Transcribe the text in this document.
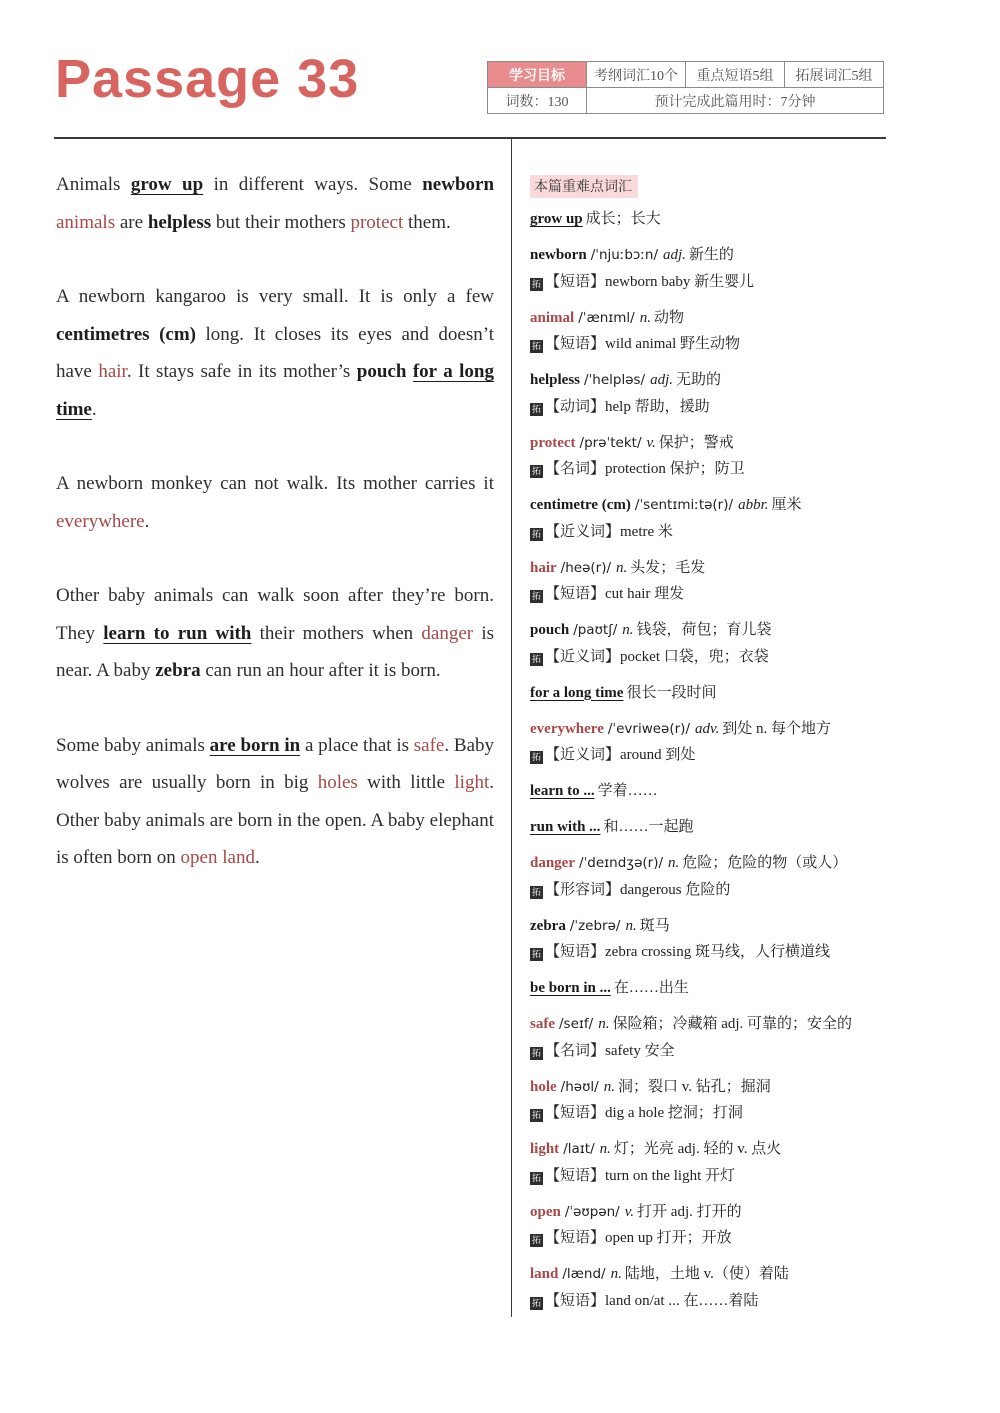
Passage 33	学习目标	考纲词汇10个	重点短语5组	拓展词汇5组
词数：130	预计完成此篇用时：7分钟		

Animals grow up in different ways. Some newborn animals are helpless but their mothers protect them.

A newborn kangaroo is very small. It is only a few centimetres (cm) long. It closes its eyes and doesn’t have hair. It stays safe in its mother’s pouch for a long time.

A newborn monkey can not walk. Its mother carries it everywhere.

Other baby animals can walk soon after they’re born. They learn to run with their mothers when danger is near. A baby zebra can run an hour after it is born.

Some baby animals are born in a place that is safe. Baby wolves are usually born in big holes with little light. Other baby animals are born in the open. A baby elephant is often born on open land.

本篇重难点词汇
grow up 成长；长大
newborn /ˈnjuːbɔːn/ adj. 新生的
拓 【短语】newborn baby 新生婴儿
animal /ˈænɪml/ n. 动物
拓 【短语】wild animal 野生动物
helpless /ˈhelpləs/ adj. 无助的
拓 【动词】help 帮助，援助
protect /prəˈtekt/ v. 保护；警戒
拓 【名词】protection 保护；防卫
centimetre (cm) /ˈsentɪmiːtə(r)/ abbr. 厘米
拓 【近义词】metre 米
hair /heə(r)/ n. 头发；毛发
拓 【短语】cut hair 理发
pouch /paʊtʃ/ n. 钱袋，荷包；育儿袋
拓 【近义词】pocket 口袋，兜；衣袋
for a long time 很长一段时间
everywhere /ˈevriweə(r)/ adv. 到处 n. 每个地方
拓 【近义词】around 到处
learn to ... 学着……
run with ... 和……一起跑
danger /ˈdeɪndʒə(r)/ n. 危险；危险的物（或人）
拓 【形容词】dangerous 危险的
zebra /ˈzebrə/ n. 斑马
拓 【短语】zebra crossing 斑马线，人行横道线
be born in ... 在……出生
safe /seɪf/ n. 保险箱；冷藏箱 adj. 可靠的；安全的
拓 【名词】safety 安全
hole /həʊl/ n. 洞；裂口 v. 钻孔；掘洞
拓 【短语】dig a hole 挖洞；打洞
light /laɪt/ n. 灯；光亮 adj. 轻的 v. 点火
拓 【短语】turn on the light 开灯
open /ˈəʊpən/ v. 打开 adj. 打开的
拓 【短语】open up 打开；开放
land /lænd/ n. 陆地，土地 v.（使）着陆
拓 【短语】land on/at ... 在……着陆
